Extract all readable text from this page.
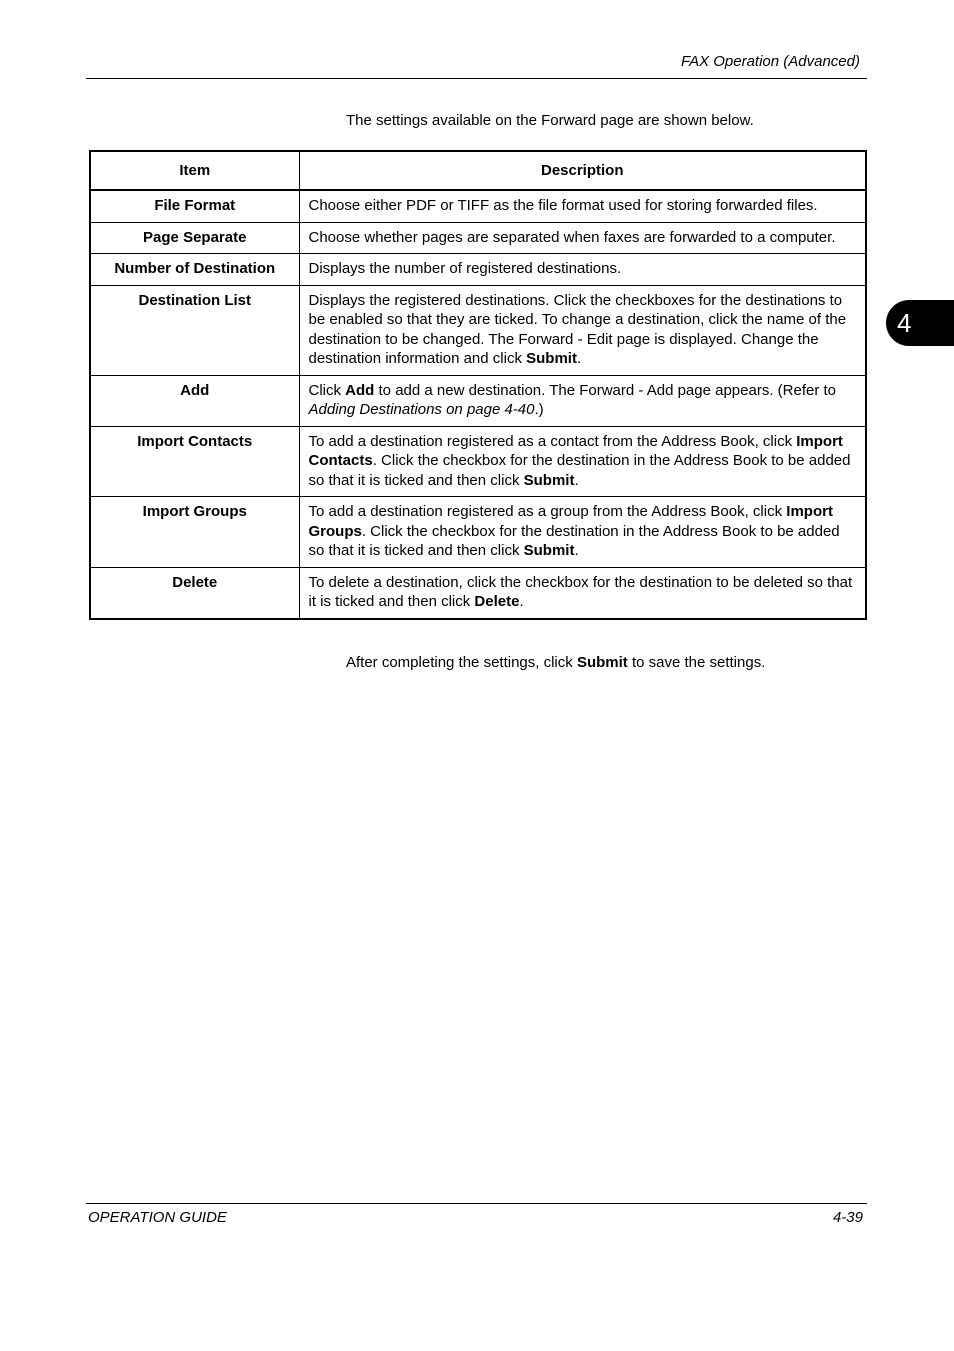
FAX Operation (Advanced)
4
The settings available on the Forward page are shown below.
Item	Description
File Format	Choose either PDF or TIFF as the file format used for storing forwarded files.
Page Separate	Choose whether pages are separated when faxes are forwarded to a computer.
Number of Destination	Displays the number of registered destinations.
Destination List	Displays the registered destinations. Click the checkboxes for the destinations to be enabled so that they are ticked. To change a destination, click the name of the destination to be changed. The Forward - Edit page is displayed. Change the destination information and click Submit.
Add	Click Add to add a new destination. The Forward - Add page appears. (Refer to Adding Destinations on page 4-40.)
Import Contacts	To add a destination registered as a contact from the Address Book, click Import Contacts. Click the checkbox for the destination in the Address Book to be added so that it is ticked and then click Submit.
Import Groups	To add a destination registered as a group from the Address Book, click Import Groups. Click the checkbox for the destination in the Address Book to be added so that it is ticked and then click Submit.
Delete	To delete a destination, click the checkbox for the destination to be deleted so that it is ticked and then click Delete.
After completing the settings, click Submit to save the settings.
OPERATION GUIDE	4-39
